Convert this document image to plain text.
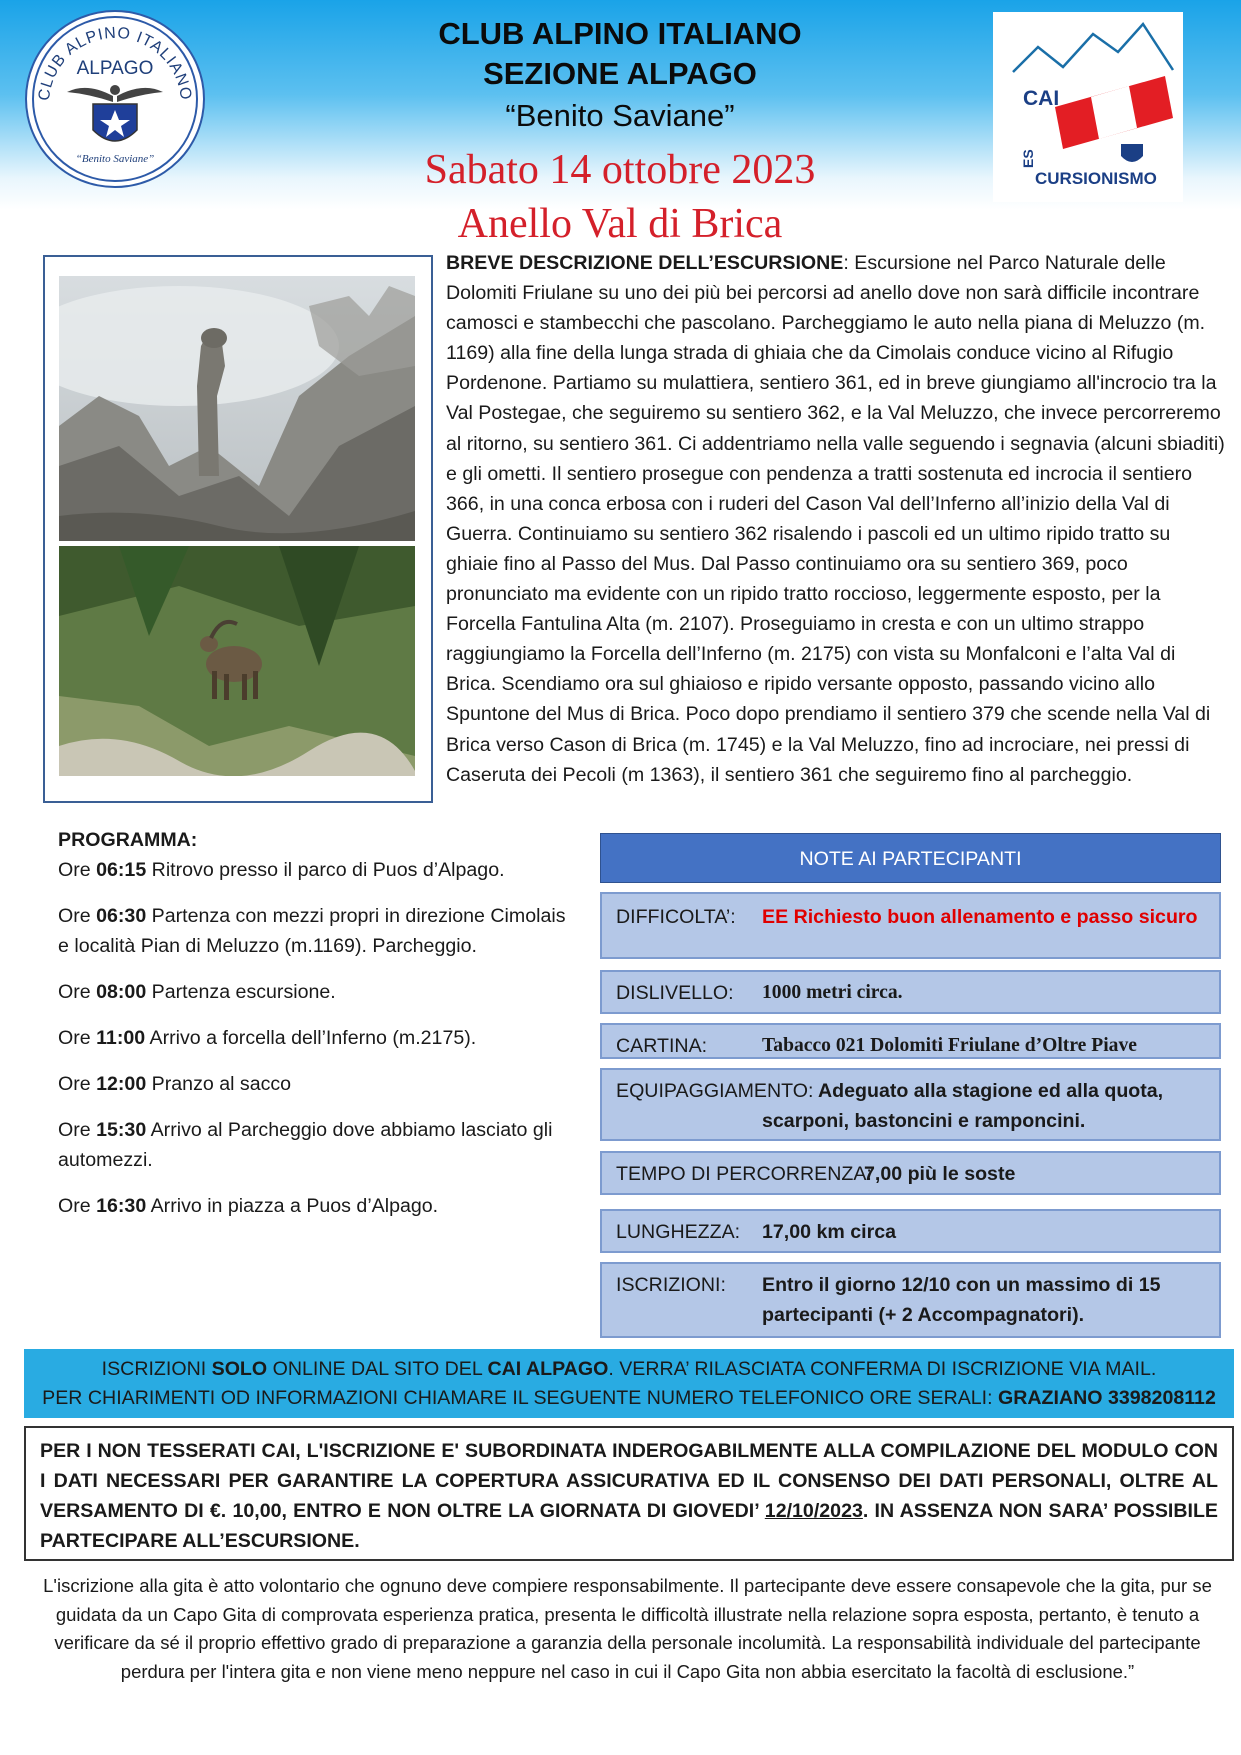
CLUB ALPINO ITALIANO
ALPAGO
“Benito Saviane”
CAI
ES
CURSIONISMO
CLUB ALPINO ITALIANO
SEZIONE ALPAGO
“Benito Saviane”
Sabato 14 ottobre 2023
Anello Val di Brica
BREVE DESCRIZIONE DELL’ESCURSIONE: Escursione nel Parco Naturale delle Dolomiti Friulane su uno dei più bei percorsi ad anello dove non sarà difficile incontrare camosci e stambecchi che pascolano. Parcheggiamo le auto nella piana di Meluzzo (m. 1169) alla fine della lunga strada di ghiaia che da Cimolais conduce vicino al Rifugio Pordenone. Partiamo su mulattiera, sentiero 361, ed in breve giungiamo all'incrocio tra la Val Postegae, che seguiremo su sentiero 362, e la Val Meluzzo, che invece percorreremo al ritorno, su sentiero 361. Ci addentriamo nella valle seguendo i segnavia (alcuni sbiaditi) e gli ometti. Il sentiero prosegue con pendenza a tratti sostenuta ed incrocia il sentiero 366, in una conca erbosa con i ruderi del Cason Val dell’Inferno all’inizio della Val di Guerra. Continuiamo su sentiero 362 risalendo i pascoli ed un ultimo ripido tratto su ghiaie fino al Passo del Mus. Dal Passo continuiamo ora su sentiero 369, poco pronunciato ma evidente con un ripido tratto roccioso, leggermente esposto, per la Forcella Fantulina Alta (m. 2107). Proseguiamo in cresta e con un ultimo strappo raggiungiamo la Forcella dell’Inferno (m. 2175) con vista su Monfalconi e l’alta Val di Brica. Scendiamo ora sul ghiaioso e ripido versante opposto, passando vicino allo Spuntone del Mus di Brica. Poco dopo prendiamo il sentiero 379 che scende nella Val di Brica verso Cason di Brica (m. 1745) e la Val Meluzzo, fino ad incrociare, nei pressi di Caseruta dei Pecoli (m 1363), il sentiero 361 che seguiremo fino al parcheggio.

PROGRAMMA:

Ore 06:15 Ritrovo presso il parco di Puos d’Alpago.

Ore 06:30 Partenza con mezzi propri in direzione Cimolais e località Pian di Meluzzo (m.1169). Parcheggio.

Ore 08:00 Partenza escursione.

Ore 11:00 Arrivo a forcella dell’Inferno (m.2175).

Ore 12:00 Pranzo al sacco

Ore 15:30 Arrivo al Parcheggio dove abbiamo lasciato gli automezzi.

Ore 16:30 Arrivo in piazza a Puos d’Alpago.

NOTE AI PARTECIPANTI
DIFFICOLTA’: EE Richiesto buon allenamento e passo sicuro
DISLIVELLO: 1000 metri circa.
CARTINA:	Tabacco 021 Dolomiti Friulane d’Oltre Piave
EQUIPAGGIAMENTO: Adeguato alla stagione ed alla quota,
scarponi, bastoncini e ramponcini.
TEMPO DI PERCORRENZA:
7,00 più le soste
LUNGHEZZA: 17,00 km circa
ISCRIZIONI: Entro il giorno 12/10 con un massimo di 15
partecipanti (+ 2 Accompagnatori).
ISCRIZIONI SOLO ONLINE DAL SITO DEL CAI ALPAGO. VERRA’ RILASCIATA CONFERMA DI ISCRIZIONE VIA MAIL.
PER CHIARIMENTI OD INFORMAZIONI CHIAMARE IL SEGUENTE NUMERO TELEFONICO ORE SERALI: GRAZIANO 3398208112
PER I NON TESSERATI CAI, L'ISCRIZIONE E' SUBORDINATA INDEROGABILMENTE ALLA COMPILAZIONE DEL MODULO CON I DATI NECESSARI PER GARANTIRE LA COPERTURA ASSICURATIVA ED IL CONSENSO DEI DATI PERSONALI, OLTRE AL VERSAMENTO DI €. 10,00, ENTRO E NON OLTRE LA GIORNATA DI GIOVEDI’ 12/10/2023. IN ASSENZA NON SARA’ POSSIBILE PARTECIPARE ALL’ESCURSIONE.
L'iscrizione alla gita è atto volontario che ognuno deve compiere responsabilmente. Il partecipante deve essere consapevole che la gita, pur se guidata da un Capo Gita di comprovata esperienza pratica, presenta le difficoltà illustrate nella relazione sopra esposta, pertanto, è tenuto a verificare da sé il proprio effettivo grado di preparazione a garanzia della personale incolumità. La responsabilità individuale del partecipante perdura per l'intera gita e non viene meno neppure nel caso in cui il Capo Gita non abbia esercitato la facoltà di esclusione.”
